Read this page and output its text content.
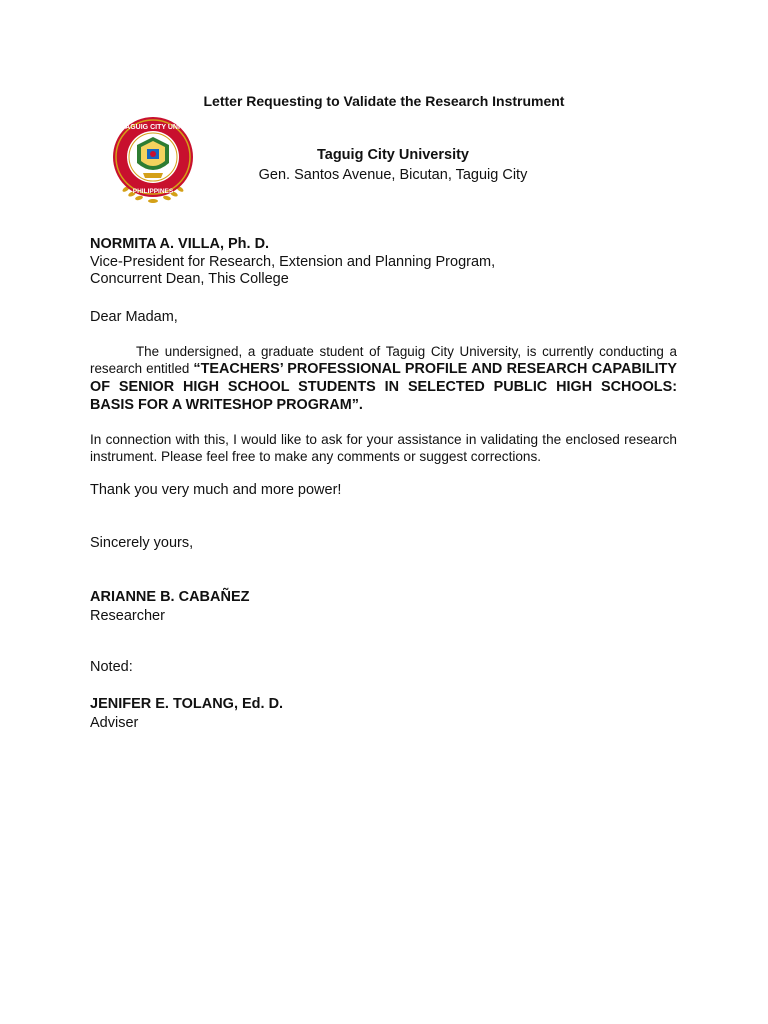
Letter Requesting to Validate the Research Instrument
TAGUIG CITY UNIV
PHILIPPINES
Taguig City University
Gen. Santos Avenue, Bicutan, Taguig City
NORMITA A. VILLA, Ph. D.
Vice-President for Research, Extension and Planning Program,
Concurrent Dean, This College
Dear Madam,
The undersigned, a graduate student of Taguig City University, is currently conducting a research entitled “TEACHERS’ PROFESSIONAL PROFILE AND RESEARCH CAPABILITY OF SENIOR HIGH SCHOOL STUDENTS IN SELECTED PUBLIC HIGH SCHOOLS: BASIS FOR A WRITESHOP PROGRAM”.
In connection with this, I would like to ask for your assistance in validating the enclosed research instrument. Please feel free to make any comments or suggest corrections.
Thank you very much and more power!
Sincerely yours,
ARIANNE B. CABAÑEZ
Researcher
Noted:
JENIFER E. TOLANG, Ed. D.
Adviser
